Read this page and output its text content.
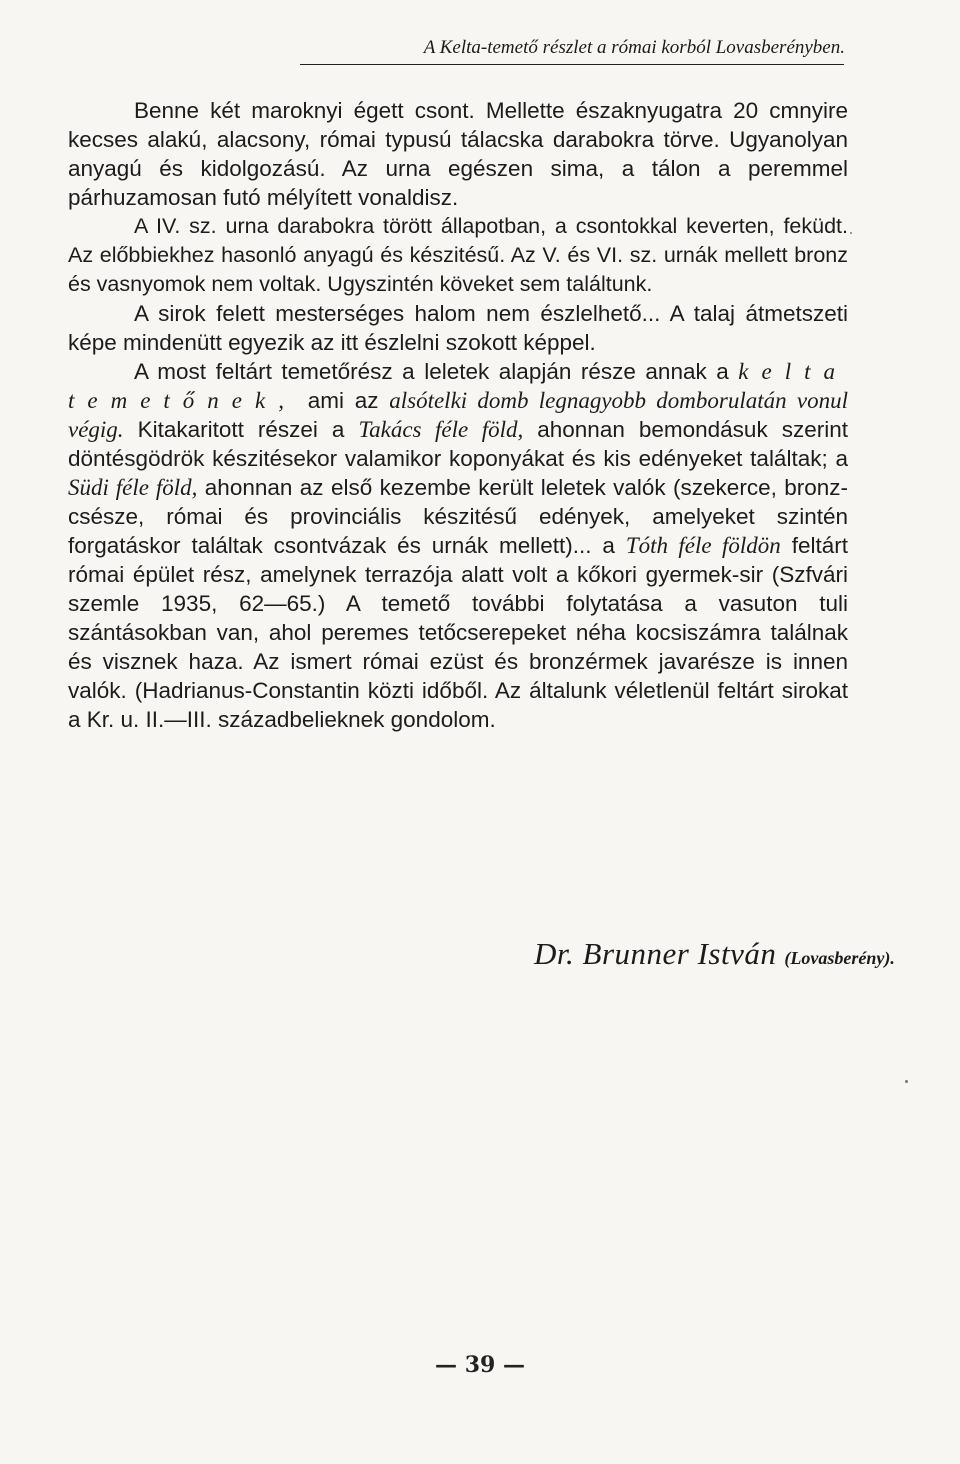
A Kelta-temető részlet a római korból Lovasberényben.

Benne két maroknyi égett csont. Mellette északnyugatra 20 cmnyire kecses alakú, alacsony, római typusú tálacska darabokra törve. Ugyanolyan anyagú és kidolgozású. Az urna egészen sima, a tálon a peremmel párhuzamosan futó mélyített vonaldisz.

A IV. sz. urna darabokra törött állapotban, a csontokkal keverten, feküdt. Az előbbiekhez hasonló anyagú és készitésű. Az V. és VI. sz. urnák mellett bronz és vasnyomok nem voltak. Ugyszintén köveket sem találtunk.

A sirok felett mesterséges halom nem észlelhető... A talaj átmetszeti képe mindenütt egyezik az itt észlelni szokott képpel.

A most feltárt temetőrész a leletek alapján része annak a kelta temetőnek, ami az alsótelki domb legnagyobb domborulatán vonul végig. Kitakaritott részei a Takács féle föld, ahonnan bemondásuk szerint döntésgödrök készitésekor valamikor koponyákat és kis edényeket találtak; a Südi féle föld, ahonnan az első kezembe került leletek valók (szekerce, bronz-csésze, római és provinciális készitésű edények, amelyeket szintén forgatáskor találtak csontvázak és urnák mellett)... a Tóth féle földön feltárt római épület rész, amelynek terrazója alatt volt a kőkori gyermek-sir (Szfvári szemle 1935, 62—65.) A temető további folytatása a vasuton tuli szántásokban van, ahol peremes tetőcserepeket néha kocsiszámra találnak és visznek haza. Az ismert római ezüst és bronzérmek javarésze is innen valók. (Hadrianus-Constantin közti időből. Az általunk véletlenül feltárt sirokat a Kr. u. II.—III. századbelieknek gondolom.

Dr. Brunner István (Lovasberény).
— 39 —
